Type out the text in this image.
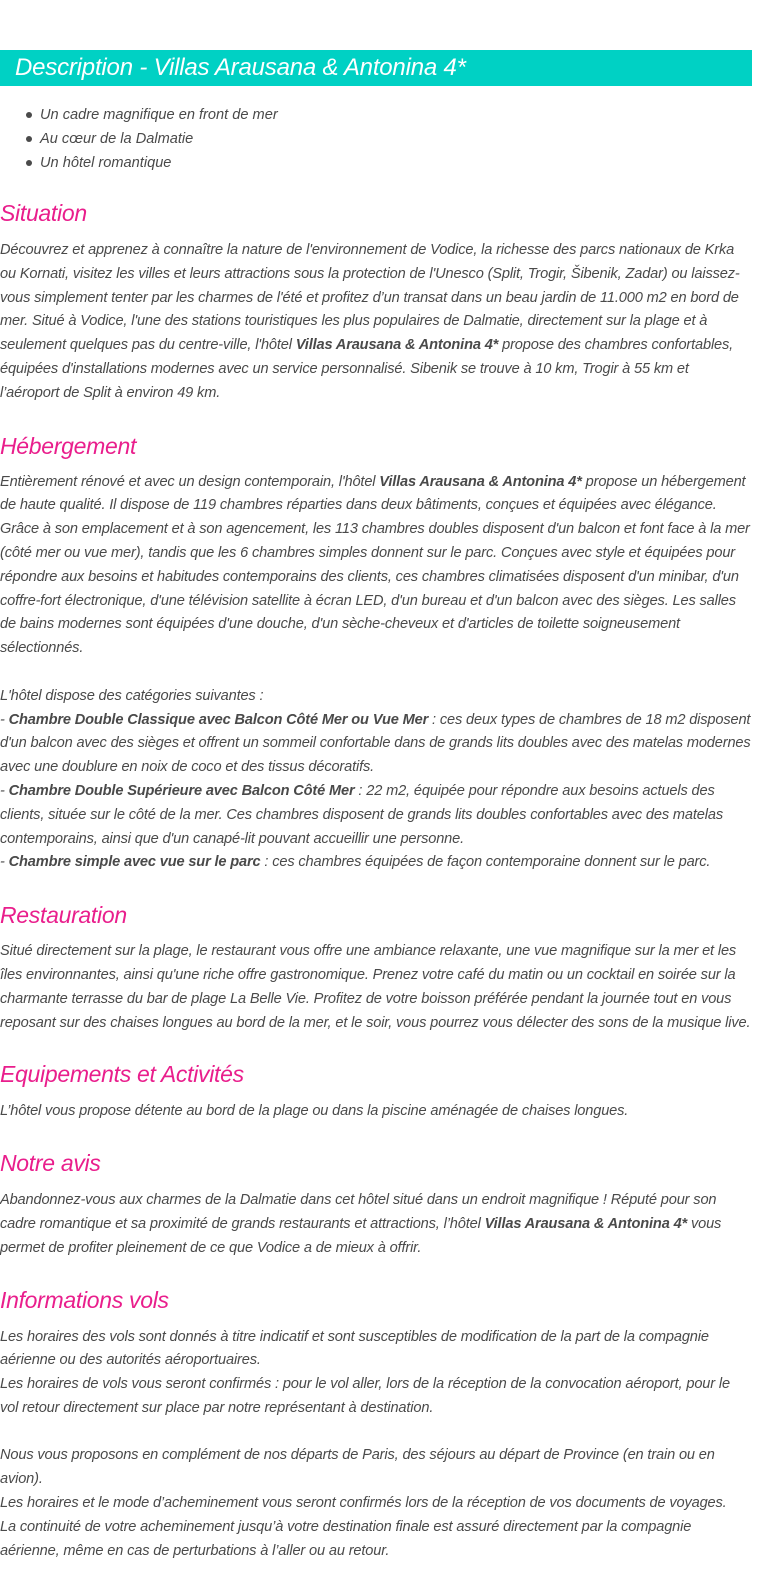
Description - Villas Arausana & Antonina 4*
Un cadre magnifique en front de mer
Au cœur de la Dalmatie
Un hôtel romantique
Situation

Découvrez et apprenez à connaître la nature de l'environnement de Vodice, la richesse des parcs nationaux de Krka ou Kornati, visitez les villes et leurs attractions sous la protection de l'Unesco (Split, Trogir, Šibenik, Zadar) ou laissez-vous simplement tenter par les charmes de l'été et profitez d’un transat dans un beau jardin de 11.000 m2 en bord de mer. Situé à Vodice, l'une des stations touristiques les plus populaires de Dalmatie, directement sur la plage et à seulement quelques pas du centre-ville, l'hôtel Villas Arausana & Antonina 4* propose des chambres confortables, équipées d'installations modernes avec un service personnalisé. Sibenik se trouve à 10 km, Trogir à 55 km et l’aéroport de Split à environ 49 km.

Hébergement

Entièrement rénové et avec un design contemporain, l'hôtel Villas Arausana & Antonina 4* propose un hébergement de haute qualité. Il dispose de 119 chambres réparties dans deux bâtiments, conçues et équipées avec élégance. Grâce à son emplacement et à son agencement, les 113 chambres doubles disposent d'un balcon et font face à la mer (côté mer ou vue mer), tandis que les 6 chambres simples donnent sur le parc. Conçues avec style et équipées pour répondre aux besoins et habitudes contemporains des clients, ces chambres climatisées disposent d'un minibar, d'un coffre-fort électronique, d'une télévision satellite à écran LED, d'un bureau et d'un balcon avec des sièges. Les salles de bains modernes sont équipées d'une douche, d'un sèche-cheveux et d'articles de toilette soigneusement sélectionnés.

L'hôtel dispose des catégories suivantes :

- Chambre Double Classique avec Balcon Côté Mer ou Vue Mer : ces deux types de chambres de 18 m2 disposent d'un balcon avec des sièges et offrent un sommeil confortable dans de grands lits doubles avec des matelas modernes avec une doublure en noix de coco et des tissus décoratifs.

- Chambre Double Supérieure avec Balcon Côté Mer : 22 m2, équipée pour répondre aux besoins actuels des clients, située sur le côté de la mer. Ces chambres disposent de grands lits doubles confortables avec des matelas contemporains, ainsi que d'un canapé-lit pouvant accueillir une personne.

- Chambre simple avec vue sur le parc : ces chambres équipées de façon contemporaine donnent sur le parc.

Restauration

Situé directement sur la plage, le restaurant vous offre une ambiance relaxante, une vue magnifique sur la mer et les îles environnantes, ainsi qu'une riche offre gastronomique. Prenez votre café du matin ou un cocktail en soirée sur la charmante terrasse du bar de plage La Belle Vie. Profitez de votre boisson préférée pendant la journée tout en vous reposant sur des chaises longues au bord de la mer, et le soir, vous pourrez vous délecter des sons de la musique live.

Equipements et Activités

L’hôtel vous propose détente au bord de la plage ou dans la piscine aménagée de chaises longues.

Notre avis

Abandonnez-vous aux charmes de la Dalmatie dans cet hôtel situé dans un endroit magnifique ! Réputé pour son cadre romantique et sa proximité de grands restaurants et attractions, l’hôtel Villas Arausana & Antonina 4* vous permet de profiter pleinement de ce que Vodice a de mieux à offrir.

Informations vols

Les horaires des vols sont donnés à titre indicatif et sont susceptibles de modification de la part de la compagnie aérienne ou des autorités aéroportuaires.

Les horaires de vols vous seront confirmés : pour le vol aller, lors de la réception de la convocation aéroport, pour le vol retour directement sur place par notre représentant à destination.

Nous vous proposons en complément de nos départs de Paris, des séjours au départ de Province (en train ou en avion).

Les horaires et le mode d’acheminement vous seront confirmés lors de la réception de vos documents de voyages.

La continuité de votre acheminement jusqu’à votre destination finale est assuré directement par la compagnie aérienne, même en cas de perturbations à l’aller ou au retour.
